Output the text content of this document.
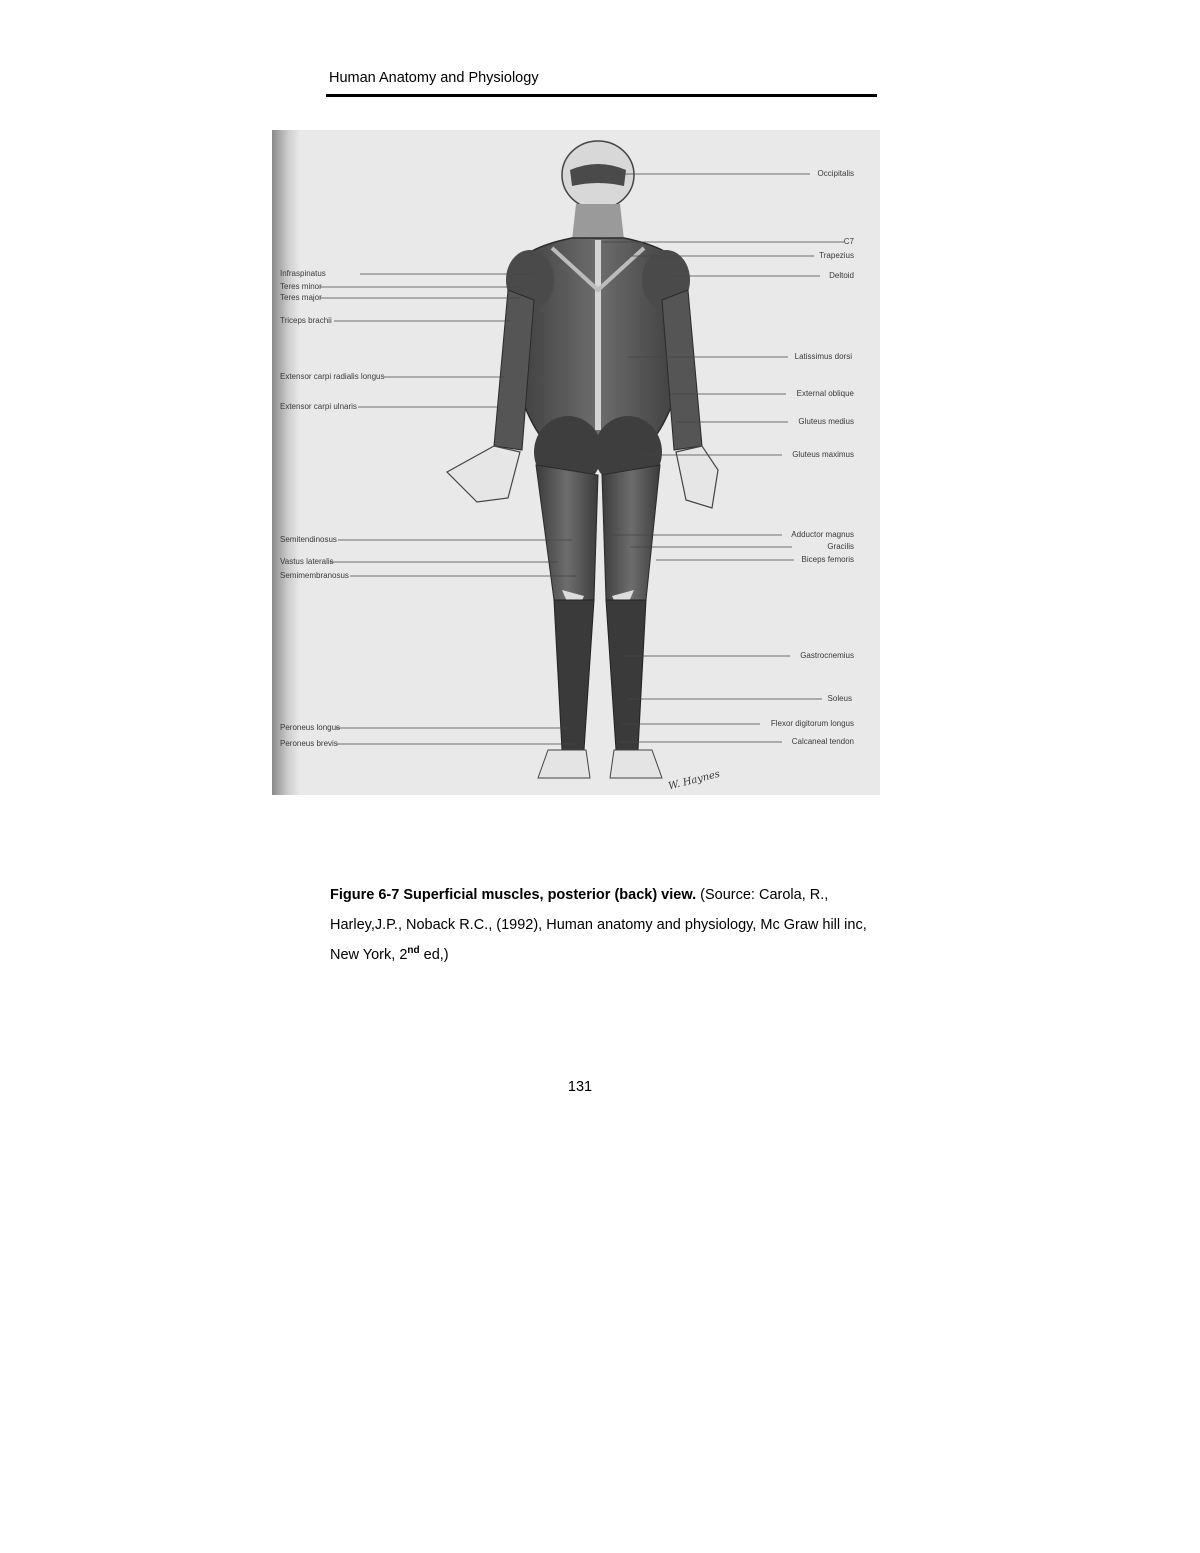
Human Anatomy and Physiology
Infraspinatus
Teres minor
Teres major
Triceps brachii
Extensor carpi radialis longus
Extensor carpi ulnaris
Semitendinosus
Vastus lateralis
Semimembranosus
Peroneus longus
Peroneus brevis
Occipitalis
C7
Trapezius
Deltoid
Latissimus dorsi
External oblique
Gluteus medius
Gluteus maximus
Adductor magnus
Gracilis
Biceps femoris
Gastrocnemius
Soleus
Flexor digitorum longus
Calcaneal tendon
W. Haynes
Figure 6-7 Superficial muscles, posterior (back) view. (Source: Carola, R., Harley,J.P., Noback R.C., (1992), Human anatomy and physiology, Mc Graw hill inc, New York, 2nd ed,)
131
